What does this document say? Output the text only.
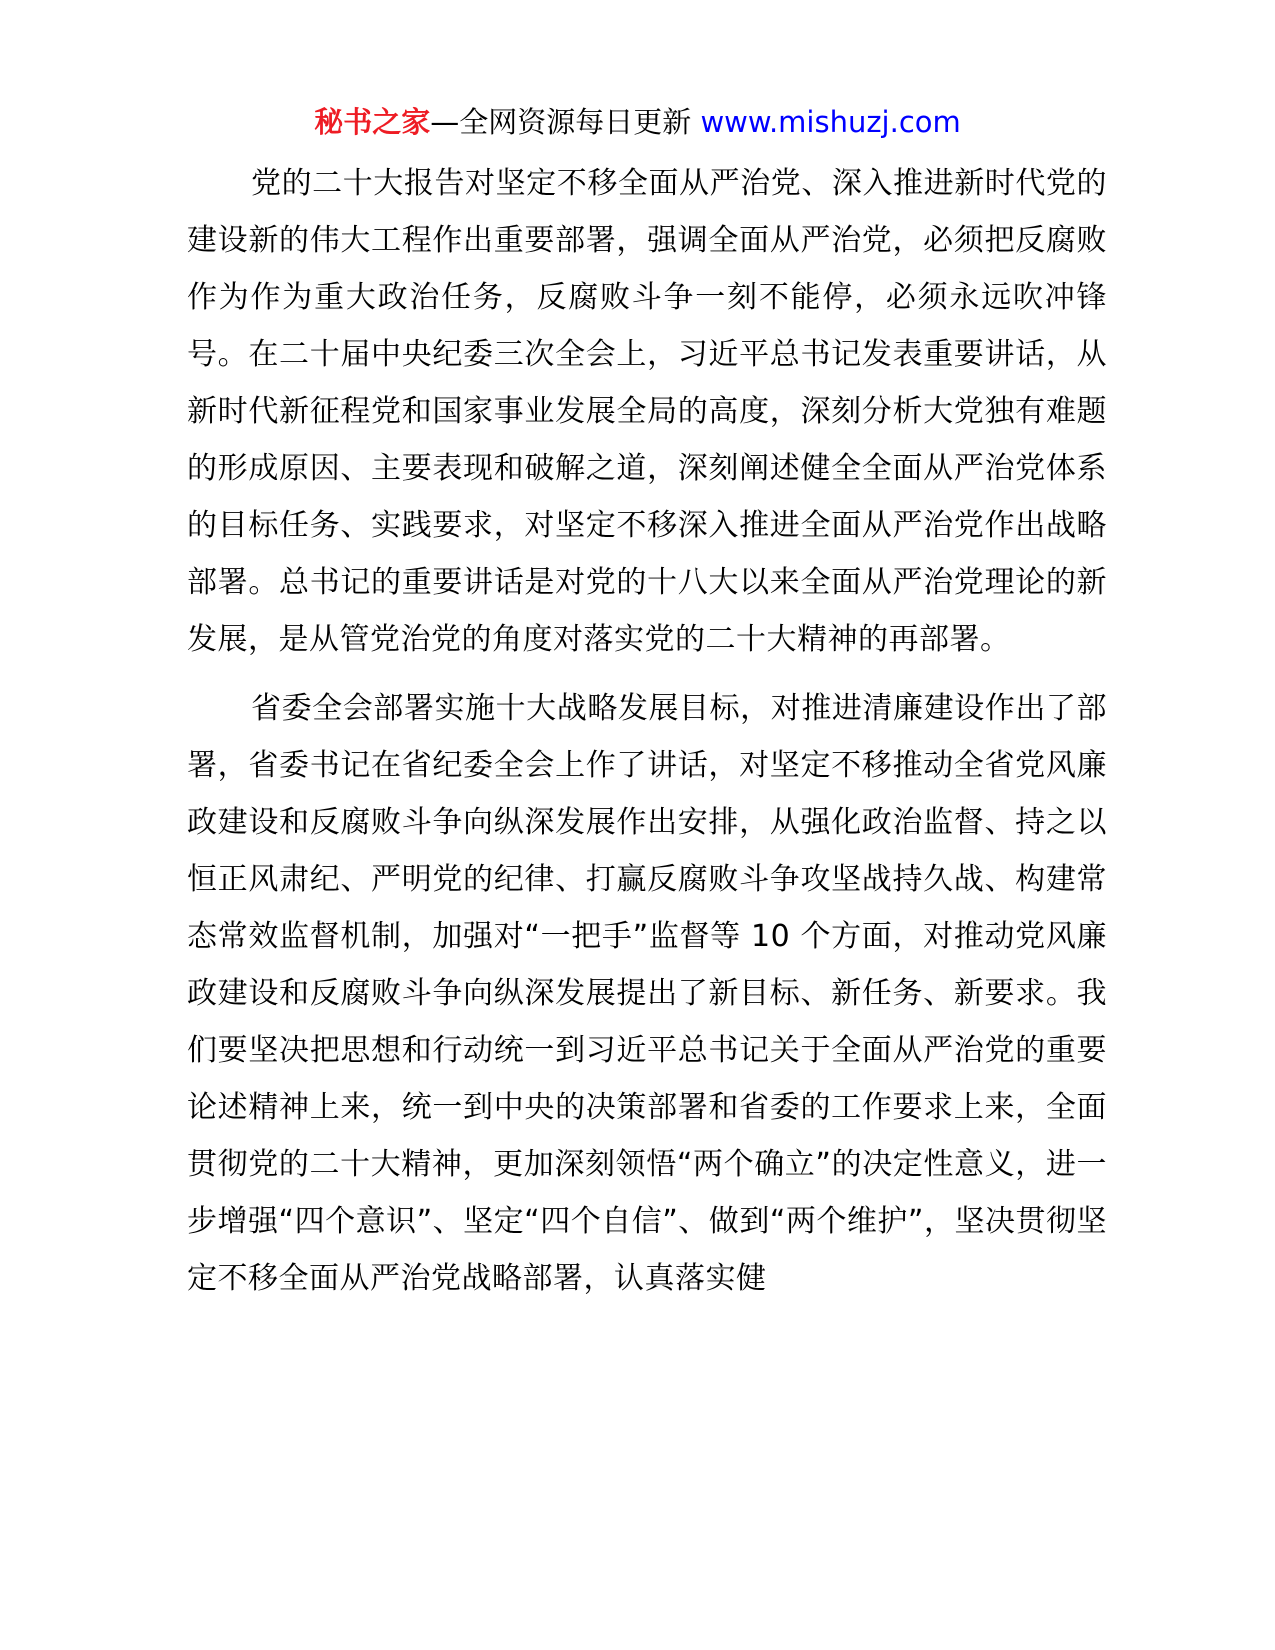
秘书之家—全网资源每日更新 www.mishuzj.com

党的二十大报告对坚定不移全面从严治党、深入推进新时代党的建设新的伟大工程作出重要部署，强调全面从严治党，必须把反腐败作为作为重大政治任务，反腐败斗争一刻不能停，必须永远吹冲锋号。在二十届中央纪委三次全会上，习近平总书记发表重要讲话，从新时代新征程党和国家事业发展全局的高度，深刻分析大党独有难题的形成原因、主要表现和破解之道，深刻阐述健全全面从严治党体系的目标任务、实践要求，对坚定不移深入推进全面从严治党作出战略部署。总书记的重要讲话是对党的十八大以来全面从严治党理论的新发展，是从管党治党的角度对落实党的二十大精神的再部署。

省委全会部署实施十大战略发展目标，对推进清廉建设作出了部署，省委书记在省纪委全会上作了讲话，对坚定不移推动全省党风廉政建设和反腐败斗争向纵深发展作出安排，从强化政治监督、持之以恒正风肃纪、严明党的纪律、打赢反腐败斗争攻坚战持久战、构建常态常效监督机制，加强对“一把手”监督等 10 个方面，对推动党风廉政建设和反腐败斗争向纵深发展提出了新目标、新任务、新要求。我们要坚决把思想和行动统一到习近平总书记关于全面从严治党的重要论述精神上来，统一到中央的决策部署和省委的工作要求上来，全面贯彻党的二十大精神，更加深刻领悟“两个确立”的决定性意义，进一步增强“四个意识”、坚定“四个自信”、做到“两个维护”，坚决贯彻坚定不移全面从严治党战略部署，认真落实健
